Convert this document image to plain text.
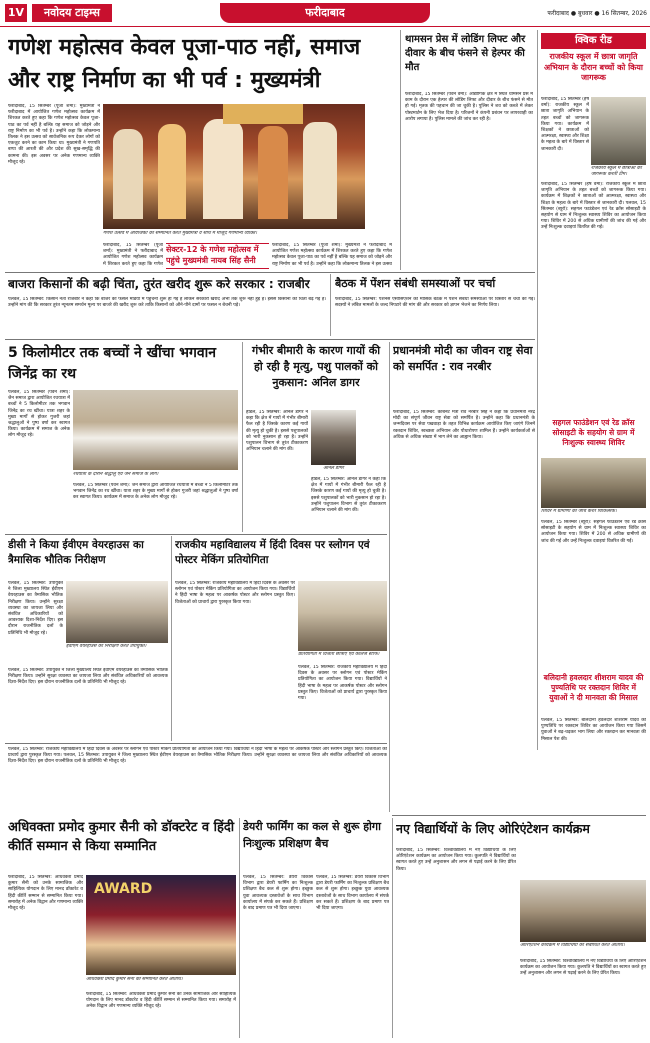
1V	नवोदय टाइम्स	फरीदाबाद	फरीदाबाद ● बुधवार ● 16 सितम्बर, 2026
गणेश महोत्सव केवल पूजा-पाठ नहीं, समाज और राष्ट्र निर्माण का भी पर्व : मुख्यमंत्री
फरीदाबाद, 15 सितम्बर (पूजा शर्मा): मुख्यमंत्री ने फरीदाबाद में आयोजित गणेश महोत्सव कार्यक्रम में शिरकत करते हुए कहा कि गणेश महोत्सव केवल पूजा-पाठ का पर्व नहीं है बल्कि यह समाज को जोड़ने और राष्ट्र निर्माण का भी पर्व है। उन्होंने कहा कि लोकमान्य तिलक ने इस उत्सव को सार्वजनिक रूप देकर लोगों को एकजुट करने का काम किया था। मुख्यमंत्री ने गणपति बप्पा की आरती की और प्रदेश की सुख-समृद्धि की कामना की। इस अवसर पर अनेक गणमान्य व्यक्ति मौजूद रहे।
गणेश उत्सव में आयोजकों को सम्मानित करते मुख्यमंत्री व साथ में मौजूद गणमान्य व्यक्ति।
सेक्टर-12 के गणेश महोत्सव में पहुंचे मुख्यमंत्री नायब सिंह सैनी
फरीदाबाद, 15 सितम्बर (पूजा शर्मा): मुख्यमंत्री ने फरीदाबाद में आयोजित गणेश महोत्सव कार्यक्रम में शिरकत करते हुए कहा कि गणेश
फरीदाबाद, 15 सितम्बर (पूजा शर्मा): मुख्यमंत्री ने फरीदाबाद में आयोजित गणेश महोत्सव कार्यक्रम में शिरकत करते हुए कहा कि गणेश महोत्सव केवल पूजा-पाठ का पर्व नहीं है बल्कि यह समाज को जोड़ने और राष्ट्र निर्माण का भी पर्व है। उन्होंने कहा कि लोकमान्य तिलक ने इस उत्सव
थामसन प्रेस में लोडिंग लिफ्ट और दीवार के बीच फंसने से हेल्पर की मौत
फरीदाबाद, 15 सितम्बर (पवन वर्मा): औद्योगिक क्षेत्र में स्थित थामसन प्रेस में काम के दौरान एक हेल्पर की लोडिंग लिफ्ट और दीवार के बीच फंसने से मौत हो गई। मृतक की पहचान की जा चुकी है। पुलिस ने शव को कब्जे में लेकर पोस्टमार्टम के लिए भेज दिया है। परिजनों ने कंपनी प्रबंधन पर लापरवाही का आरोप लगाया है। पुलिस मामले की जांच कर रही है।
क्विक रीड
राजकीय स्कूल में छात्रा जागृति अभियान के दौरान बच्चों को किया जागरूक
फरीदाबाद, 15 सितम्बर (हर्ष वर्मा): राजकीय स्कूल में छात्रा जागृति अभियान के तहत बच्चों को जागरूक किया गया। कार्यक्रम में शिक्षकों ने छात्राओं को आत्मरक्षा, स्वास्थ्य और शिक्षा के महत्व के बारे में विस्तार से जानकारी दी।
राजकीय स्कूल में छात्राओं को जागरूक करती टीम।
फरीदाबाद, 15 सितम्बर (हर्ष वर्मा): राजकीय स्कूल में छात्रा जागृति अभियान के तहत बच्चों को जागरूक किया गया। कार्यक्रम में शिक्षकों ने छात्राओं को आत्मरक्षा, स्वास्थ्य और शिक्षा के महत्व के बारे में विस्तार से जानकारी दी। पलवल, 15 सितम्बर (ब्यूरो): सहगल फाउंडेशन एवं रेड क्रॉस सोसाइटी के सहयोग से ग्राम में निःशुल्क स्वास्थ्य शिविर का आयोजन किया गया। शिविर में 200 से अधिक ग्रामीणों की जांच की गई और उन्हें निःशुल्क दवाइयां वितरित की गईं।
सहगल फाउंडेशन एवं रेड क्रॉस सोसाइटी के सहयोग से ग्राम में निःशुल्क स्वास्थ्य शिविर
शिविर में ग्रामीणों की जांच करते चिकित्सक।
पलवल, 15 सितम्बर (ब्यूरो): सहगल फाउंडेशन एवं रेड क्रॉस सोसाइटी के सहयोग से ग्राम में निःशुल्क स्वास्थ्य शिविर का आयोजन किया गया। शिविर में 200 से अधिक ग्रामीणों की जांच की गई और उन्हें निःशुल्क दवाइयां वितरित की गईं।
बलिदानी हवलदार शीशराम यादव की पुण्यतिथि पर रक्तदान शिविर में युवाओं ने दी मानवता की मिसाल
पलवल, 15 सितम्बर: बलिदानी हवलदार शीशराम यादव की पुण्यतिथि पर रक्तदान शिविर का आयोजन किया गया जिसमें युवाओं ने बढ़-चढ़कर भाग लिया और रक्तदान कर मानवता की मिसाल पेश की।
बाजरा किसानों की बढ़ी चिंता, तुरंत खरीद शुरू करे सरकार : राजबीर
पलवल, 15 सितम्बर: किसान नेता राजबीर ने कहा कि बाजरे की फसल मंडियों में पहुंचनी शुरू हो गई है लेकिन सरकारी खरीद अभी तक शुरू नहीं हुई है। इससे किसानों की चिंता बढ़ गई है। उन्होंने मांग की कि सरकार तुरंत न्यूनतम समर्थन मूल्य पर बाजरे की खरीद शुरू करे ताकि किसानों को औने-पौने दामों पर फसल न बेचनी पड़े।
बैठक में पेंशन संबंधी समस्याओं पर चर्चा
फरीदाबाद, 15 सितम्बर: पेंशनर्स एसोसिएशन की मासिक बैठक में पेंशन संबंधी समस्याओं पर विस्तार से चर्चा की गई। सदस्यों ने लंबित मामलों के जल्द निपटारे की मांग की और सरकार को ज्ञापन भेजने का निर्णय लिया।
5 किलोमीटर तक बच्चों ने खींचा भगवान जिनेंद्र का रथ
पलवल, 15 सितम्बर (पवन शर्मा): जैन समाज द्वारा आयोजित रथयात्रा में बच्चों ने 5 किलोमीटर तक भगवान जिनेंद्र का रथ खींचा। यात्रा शहर के मुख्य मार्गों से होकर गुजरी जहां श्रद्धालुओं ने पुष्प वर्षा कर स्वागत किया। कार्यक्रम में समाज के अनेक लोग मौजूद रहे।
रथयात्रा के दौरान श्रद्धालु एवं जैन समाज के लोग।
पलवल, 15 सितम्बर (पवन शर्मा): जैन समाज द्वारा आयोजित रथयात्रा में बच्चों ने 5 किलोमीटर तक भगवान जिनेंद्र का रथ खींचा। यात्रा शहर के मुख्य मार्गों से होकर गुजरी जहां श्रद्धालुओं ने पुष्प वर्षा कर स्वागत किया। कार्यक्रम में समाज के अनेक लोग मौजूद रहे।
गंभीर बीमारी के कारण गायों की हो रही है मृत्यु, पशु पालकों को नुकसान: अनिल डागर
होडल, 15 सितम्बर: अनिल डागर ने कहा कि क्षेत्र में गायों में गंभीर बीमारी फैल रही है जिसके कारण कई गायों की मृत्यु हो चुकी है। इससे पशुपालकों को भारी नुकसान हो रहा है। उन्होंने पशुपालन विभाग से तुरंत टीकाकरण अभियान चलाने की मांग की।
अनिल डागर
होडल, 15 सितम्बर: अनिल डागर ने कहा कि क्षेत्र में गायों में गंभीर बीमारी फैल रही है जिसके कारण कई गायों की मृत्यु हो चुकी है। इससे पशुपालकों को भारी नुकसान हो रहा है। उन्होंने पशुपालन विभाग से तुरंत टीकाकरण अभियान चलाने की मांग की।
प्रधानमंत्री मोदी का जीवन राष्ट्र सेवा को समर्पित : राव नरबीर
फरीदाबाद, 15 सितम्बर: कैबिनेट मंत्री राव नरबीर सिंह ने कहा कि प्रधानमंत्री नरेंद्र मोदी का संपूर्ण जीवन राष्ट्र सेवा को समर्पित है। उन्होंने कहा कि प्रधानमंत्री के जन्मदिवस पर सेवा पखवाड़ा के तहत विभिन्न कार्यक्रम आयोजित किए जाएंगे जिनमें रक्तदान शिविर, स्वच्छता अभियान और पौधारोपण शामिल हैं। उन्होंने कार्यकर्ताओं से अधिक से अधिक संख्या में भाग लेने का आह्वान किया।
डीसी ने किया ईवीएम वेयरहाउस का त्रैमासिक भौतिक निरीक्षण
पलवल, 15 सितम्बर: उपायुक्त ने जिला मुख्यालय स्थित ईवीएम वेयरहाउस का त्रैमासिक भौतिक निरीक्षण किया। उन्होंने सुरक्षा व्यवस्था का जायजा लिया और संबंधित अधिकारियों को आवश्यक दिशा-निर्देश दिए। इस दौरान राजनीतिक दलों के प्रतिनिधि भी मौजूद रहे।
ईवीएम वेयरहाउस का निरीक्षण करते उपायुक्त।
पलवल, 15 सितम्बर: उपायुक्त ने जिला मुख्यालय स्थित ईवीएम वेयरहाउस का त्रैमासिक भौतिक निरीक्षण किया। उन्होंने सुरक्षा व्यवस्था का जायजा लिया और संबंधित अधिकारियों को आवश्यक दिशा-निर्देश दिए। इस दौरान राजनीतिक दलों के प्रतिनिधि भी मौजूद रहे।
राजकीय महाविद्यालय में हिंदी दिवस पर स्लोगन एवं पोस्टर मेकिंग प्रतियोगिता
पलवल, 15 सितम्बर: राजकीय महाविद्यालय में हिंदी दिवस के अवसर पर स्लोगन एवं पोस्टर मेकिंग प्रतियोगिता का आयोजन किया गया। विद्यार्थियों ने हिंदी भाषा के महत्व पर आकर्षक पोस्टर और स्लोगन प्रस्तुत किए। विजेताओं को प्राचार्य द्वारा पुरस्कृत किया गया।
प्रतियोगिता में विजेता छात्राएं एवं कॉलेज स्टाफ।
पलवल, 15 सितम्बर: राजकीय महाविद्यालय में हिंदी दिवस के अवसर पर स्लोगन एवं पोस्टर मेकिंग प्रतियोगिता का आयोजन किया गया। विद्यार्थियों ने हिंदी भाषा के महत्व पर आकर्षक पोस्टर और स्लोगन प्रस्तुत किए। विजेताओं को प्राचार्य द्वारा पुरस्कृत किया गया।
अधिवक्ता प्रमोद कुमार सैनी को डॉक्टरेट व हिंदी कीर्ति सम्मान से किया सम्मानित
फरीदाबाद, 15 सितम्बर: अधिवक्ता प्रमोद कुमार सैनी को उनके सामाजिक और साहित्यिक योगदान के लिए मानद डॉक्टरेट व हिंदी कीर्ति सम्मान से सम्मानित किया गया। समारोह में अनेक विद्वान और गणमान्य व्यक्ति मौजूद रहे।
AWARD
अधिवक्ता प्रमोद कुमार सैनी को सम्मानित करते अतिथि।
फरीदाबाद, 15 सितम्बर: अधिवक्ता प्रमोद कुमार सैनी को उनके सामाजिक और साहित्यिक योगदान के लिए मानद डॉक्टरेट व हिंदी कीर्ति सम्मान से सम्मानित किया गया। समारोह में अनेक विद्वान और गणमान्य व्यक्ति मौजूद रहे।
डेयरी फार्मिंग का कल से शुरू होगा निःशुल्क प्रशिक्षण बैच
पलवल, 15 सितम्बर: डेयरी विकास विभाग द्वारा डेयरी फार्मिंग का निःशुल्क प्रशिक्षण बैच कल से शुरू होगा। इच्छुक युवा आवश्यक दस्तावेजों के साथ विभाग कार्यालय में संपर्क कर सकते हैं। प्रशिक्षण के बाद प्रमाण पत्र भी दिया जाएगा।
पलवल, 15 सितम्बर: डेयरी विकास विभाग द्वारा डेयरी फार्मिंग का निःशुल्क प्रशिक्षण बैच कल से शुरू होगा। इच्छुक युवा आवश्यक दस्तावेजों के साथ विभाग कार्यालय में संपर्क कर सकते हैं। प्रशिक्षण के बाद प्रमाण पत्र भी दिया जाएगा।
नए विद्यार्थियों के लिए ओरिएंटेशन कार्यक्रम
फरीदाबाद, 15 सितम्बर: विश्वविद्यालय में नए विद्यार्थियों के लिए ओरिएंटेशन कार्यक्रम का आयोजन किया गया। कुलपति ने विद्यार्थियों का स्वागत करते हुए उन्हें अनुशासन और लगन से पढ़ाई करने के लिए प्रेरित किया।
ओरिएंटेशन कार्यक्रम में विद्यार्थियों को संबोधित करते अतिथि।
फरीदाबाद, 15 सितम्बर: विश्वविद्यालय में नए विद्यार्थियों के लिए ओरिएंटेशन कार्यक्रम का आयोजन किया गया। कुलपति ने विद्यार्थियों का स्वागत करते हुए उन्हें अनुशासन और लगन से पढ़ाई करने के लिए प्रेरित किया।
पलवल, 15 सितम्बर: राजकीय महाविद्यालय में हिंदी दिवस के अवसर पर स्लोगन एवं पोस्टर मेकिंग प्रतियोगिता का आयोजन किया गया। विद्यार्थियों ने हिंदी भाषा के महत्व पर आकर्षक पोस्टर और स्लोगन प्रस्तुत किए। विजेताओं को प्राचार्य द्वारा पुरस्कृत किया गया। पलवल, 15 सितम्बर: उपायुक्त ने जिला मुख्यालय स्थित ईवीएम वेयरहाउस का त्रैमासिक भौतिक निरीक्षण किया। उन्होंने सुरक्षा व्यवस्था का जायजा लिया और संबंधित अधिकारियों को आवश्यक दिशा-निर्देश दिए। इस दौरान राजनीतिक दलों के प्रतिनिधि भी मौजूद रहे।
